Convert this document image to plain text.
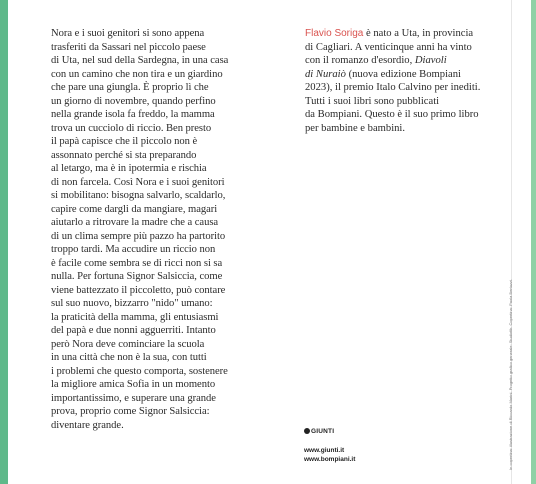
Nora e i suoi genitori si sono appena
trasferiti da Sassari nel piccolo paese
di Uta, nel sud della Sardegna, in una casa
con un camino che non tira e un giardino
che pare una giungla. È proprio lì che
un giorno di novembre, quando perfino
nella grande isola fa freddo, la mamma
trova un cucciolo di riccio. Ben presto
il papà capisce che il piccolo non è
assonnato perché si sta preparando
al letargo, ma è in ipotermia e rischia
di non farcela. Così Nora e i suoi genitori
si mobilitano: bisogna salvarlo, scaldarlo,
capire come dargli da mangiare, magari
aiutarlo a ritrovare la madre che a causa
di un clima sempre più pazzo ha partorito
troppo tardi. Ma accudire un riccio non
è facile come sembra se di ricci non si sa
nulla. Per fortuna Signor Salsiccia, come
viene battezzato il piccoletto, può contare
sul suo nuovo, bizzarro "nido" umano:
la praticità della mamma, gli entusiasmi
del papà e due nonni agguerriti. Intanto
però Nora deve cominciare la scuola
in una città che non è la sua, con tutti
i problemi che questo comporta, sostenere
la migliore amica Sofia in un momento
importantissimo, e superare una grande
prova, proprio come Signor Salsiccia:
diventare grande.
Flavio Soriga è nato a Uta, in provincia
di Cagliari. A venticinque anni ha vinto
con il romanzo d'esordio, Diavoli
di Nuraiò (nuova edizione Bompiani
2023), il premio Italo Calvino per inediti.
Tutti i suoi libri sono pubblicati
da Bompiani. Questo è il suo primo libro
per bambine e bambini.
In copertina: illustrazione di Riccardo Marini. Progetto grafico generale: Studiofib. Copertina: Paola Bertuzzi.
GIUNTI
www.giunti.it
www.bompiani.it
